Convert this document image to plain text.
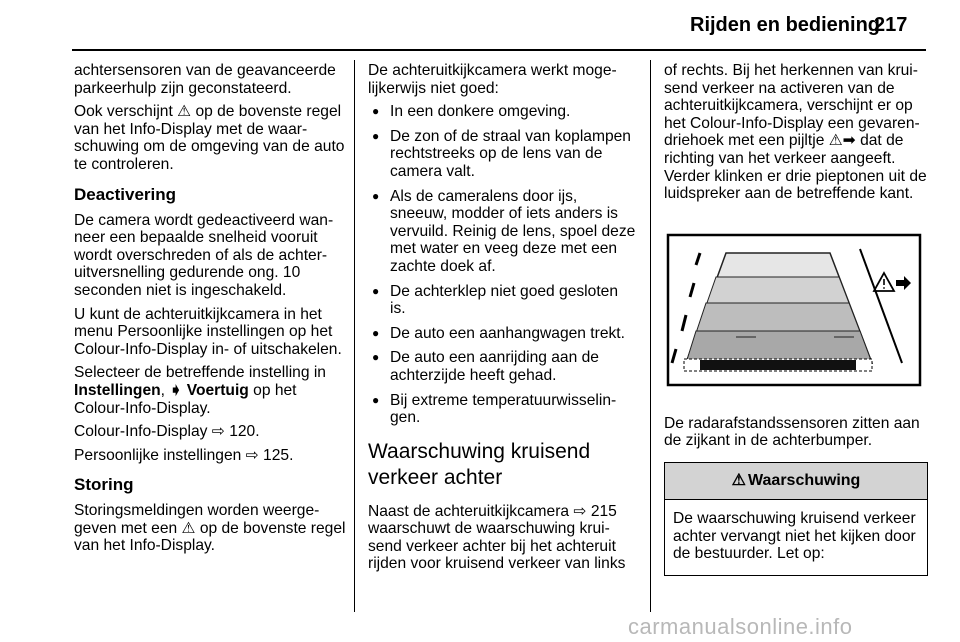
Rijden en bediening
217

achtersensoren van de geavanceerde parkeerhulp zijn geconstateerd.

Ook verschijnt ⚠ op de bovenste regel van het Info-Display met de waarschuwing om de omgeving van de auto te controleren.

Deactivering

De camera wordt gedeactiveerd wanneer een bepaalde snelheid vooruit wordt overschreden of als de achteruitversnelling gedurende ong. 10 seconden niet is ingeschakeld.

U kunt de achteruitkijkcamera in het menu Persoonlijke instellingen op het Colour-Info-Display in- of uitschakelen.

Selecteer de betreffende instelling in Instellingen, ➧ Voertuig op het Colour-Info-Display.

Colour-Info-Display ⇨ 120.

Persoonlijke instellingen ⇨ 125.

Storing

Storingsmeldingen worden weergegeven met een ⚠ op de bovenste regel van het Info-Display.

De achteruitkijkcamera werkt mogelijkerwijs niet goed:

● In een donkere omgeving.
● De zon of de straal van koplampen rechtstreeks op de lens van de camera valt.
● Als de cameralens door ijs, sneeuw, modder of iets anders is vervuild. Reinig de lens, spoel deze met water en veeg deze met een zachte doek af.
● De achterklep niet goed gesloten is.
● De auto een aanhangwagen trekt.
● De auto een aanrijding aan de achterzijde heeft gehad.
● Bij extreme temperatuurwisselingen.
Waarschuwing kruisend verkeer achter

Naast de achteruitkijkcamera ⇨ 215 waarschuwt de waarschuwing kruisend verkeer achter bij het achteruit rijden voor kruisend verkeer van links

of rechts. Bij het herkennen van kruisend verkeer na activeren van de achteruitkijkcamera, verschijnt er op het Colour-Info-Display een gevarendriehoek met een pijltje ⚠➡ dat de richting van het verkeer aangeeft. Verder klinken er drie pieptonen uit de luidspreker aan de betreffende kant.

De radarafstandssensoren zitten aan de zijkant in de achterbumper.

⚠ Waarschuwing
De waarschuwing kruisend verkeer achter vervangt niet het kijken door de bestuurder. Let op:
carmanualsonline.info
